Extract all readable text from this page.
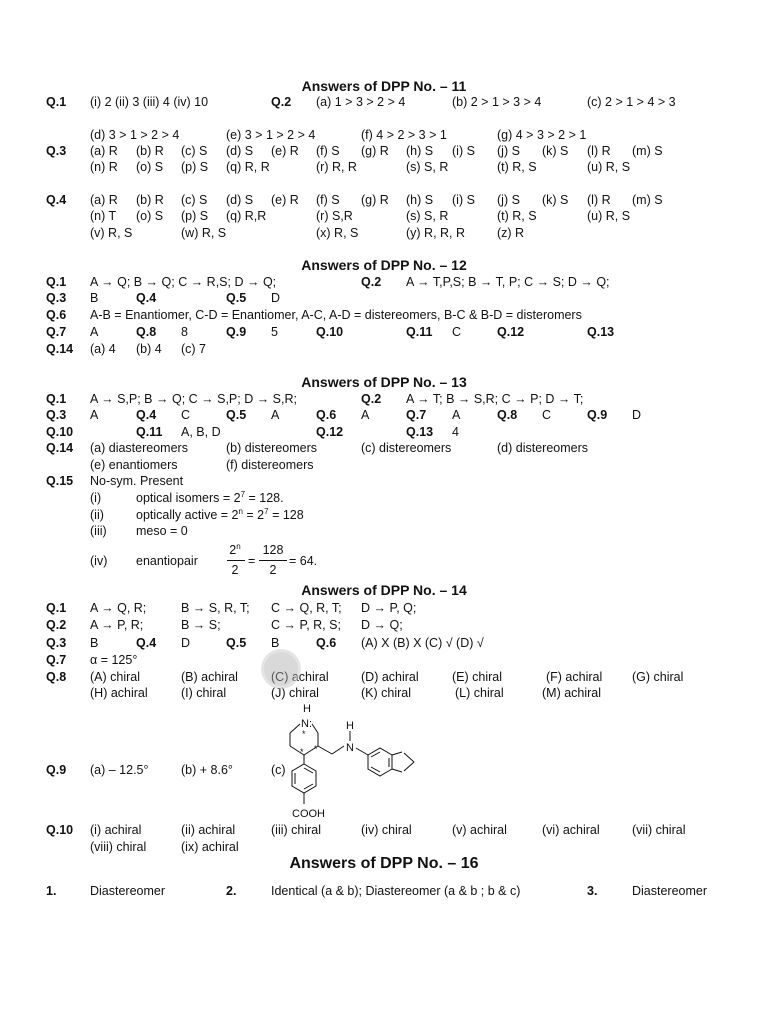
Answers of DPP No. – 11
Q.1 (i) 2 (ii) 3 (iii) 4 (iv) 10	Q.2 (a) 1 > 3 > 2 > 4	(b) 2 > 1 > 3 > 4	(c) 2 > 1 > 4 > 3
(d) 3 > 1 > 2 > 4	(e) 3 > 1 > 2 > 4	(f) 4 > 2 > 3 > 1	(g) 4 > 3 > 2 > 1
Q.3 (a) R (b) R (c) S (d) S (e) R (f) S (g) R (h) S (i) S (j) S (k) S (l) R (m) S
(n) R (o) S (p) S (q) R, R	(r) R, R	(s) S, R	(t) R, S	(u) R, S
Q.4 (a) R (b) R (c) S (d) S (e) R (f) S (g) R (h) S (i) S (j) S (k) S (l) R (m) S
(n) T (o) S (p) S (q) R,R	(r) S,R	(s) S, R	(t) R, S	(u) R, S
(v) R, S	(w) R, S	(x) R, S	(y) R, R, R	(z) R
Answers of DPP No. – 12
Q.1 A → Q; B → Q; C → R,S; D → Q;	Q.2 A → T,P,S; B → T, P; C → S; D → Q;
Q.3 B	Q.4	Q.5 D
Q.6 A-B = Enantiomer, C-D = Enantiomer, A-C, A-D = distereomers, B-C & B-D = disteromers
Q.7 A	Q.8 8	Q.9 5	Q.10	Q.11 C	Q.12	Q.13
Q.14 (a) 4 (b) 4 (c) 7
Answers of DPP No. – 13
Q.1 A → S,P; B → Q; C → S,P; D → S,R;	Q.2 A → T; B → S,R; C → P; D → T;
Q.3 A	Q.4 C	Q.5 A	Q.6 A	Q.7 A	Q.8 C	Q.9 D
Q.10	Q.11 A, B, D	Q.12	Q.13 4
Q.14 (a) diastereomers	(b) distereomers	(c) distereomers	(d) distereomers
(e) enantiomers	(f) distereomers
Q.15 No-sym. Present
(i)	optical isomers = $2^7 = 128$.
(ii)	optically active = $2^n = 2^7 = 128$
(iii) meso = 0
(iv) enantiopair
2$^n$
2
=
128
2
= 64.
Answers of DPP No. – 14
Q.1 A → Q, R;	B → S, R, T; C → Q, R, T; D → P, Q;
Q.2 A → P, R;	B → S;	C → P, R, S; D → Q;
Q.3 B	Q.4 D	Q.5 B	Q.6 (A) X (B) X (C) √ (D) √
Q.7 α = 125°
Q.8 (A) chiral	(B) achiral	(C) achiral	(D) achiral	(E) chiral	(F) achiral (G) chiral
(H) achiral	(I) chiral	(J) chiral	(K) chiral	(L) chiral	(M) achiral
Q.9 (a) – 12.5°	(b) + 8.6°	(c)
H
N:
*
* *
H
N
COOH
Q.10 (i) achiral	(ii) achiral	(iii) chiral	(iv) chiral	(v) achiral	(vi) achiral	(vii) chiral
(viii) chiral	(ix) achiral
Answers of DPP No. – 16
1.	Diastereomer	2.	Identical (a & b); Diastereomer (a & b ; b & c)	3.	Diastereomer
